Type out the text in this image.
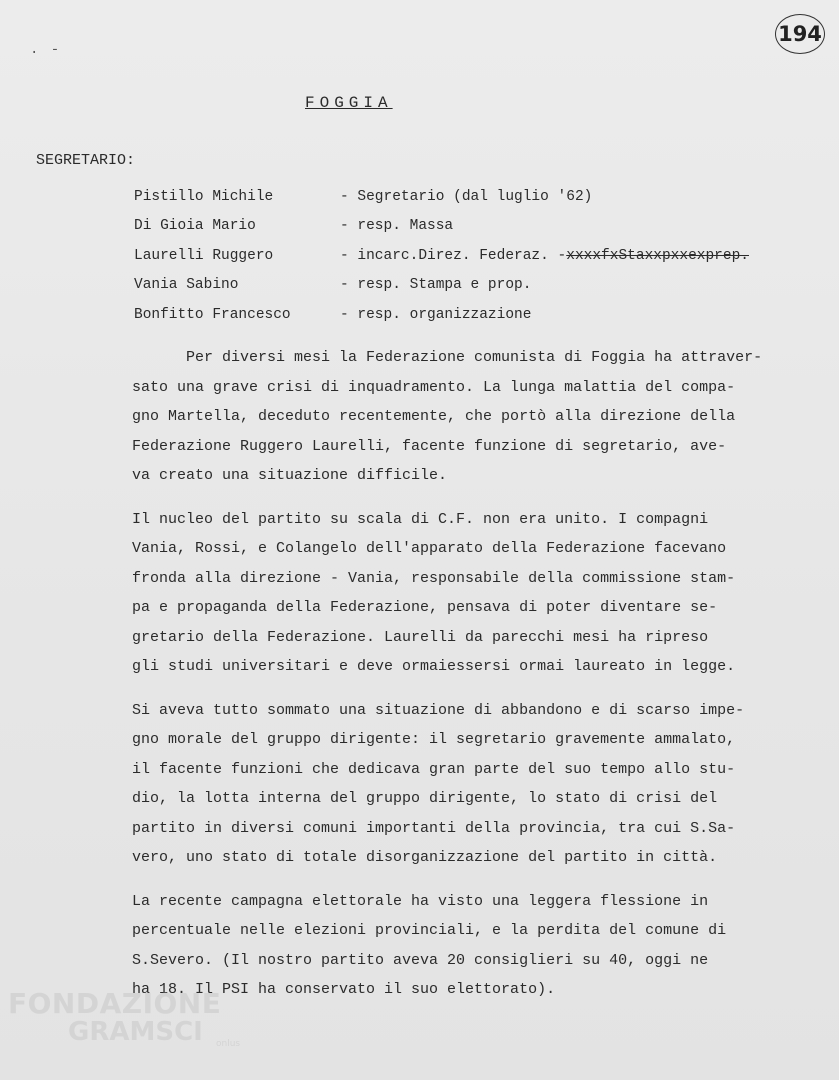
. -
194
FOGGIA
SEGRETARIO:
Pistillo Michile	- Segretario (dal luglio '62)
Di Gioia Mario	- resp. Massa
Laurelli Ruggero	- incarc.Direz. Federaz. - xxxxfxStaxxpxxexprep.
Vania Sabino	- resp. Stampa e prop.
Bonfitto Francesco	- resp. organizzazione

Per diversi mesi la Federazione comunista di Foggia ha attraver-

sato una grave crisi di inquadramento. La lunga malattia del compa-

gno Martella, deceduto recentemente, che portò alla direzione della

Federazione Ruggero Laurelli, facente funzione di segretario, ave-

va creato una situazione difficile.

Il nucleo del partito su scala di C.F. non era unito. I compagni

Vania, Rossi, e Colangelo dell'apparato della Federazione facevano

fronda alla direzione - Vania, responsabile della commissione stam-

pa e propaganda della Federazione, pensava di poter diventare se-

gretario della Federazione. Laurelli da parecchi mesi ha ripreso

gli studi universitari e deve ormaiessersi ormai laureato in legge.

Si aveva tutto sommato una situazione di abbandono e di scarso impe-

gno morale del gruppo dirigente: il segretario gravemente ammalato,

il facente funzioni che dedicava gran parte del suo tempo allo stu-

dio, la lotta interna del gruppo dirigente, lo stato di crisi del

partito in diversi comuni importanti della provincia, tra cui S.Sa-

vero, uno stato di totale disorganizzazione del partito in città.

La recente campagna elettorale ha visto una leggera flessione in

percentuale nelle elezioni provinciali, e la perdita del comune di

S.Severo. (Il nostro partito aveva 20 consiglieri su 40, oggi ne

ha 18. Il PSI ha conservato il suo elettorato).

FONDAZIONE
GRAMSCI	onlus
